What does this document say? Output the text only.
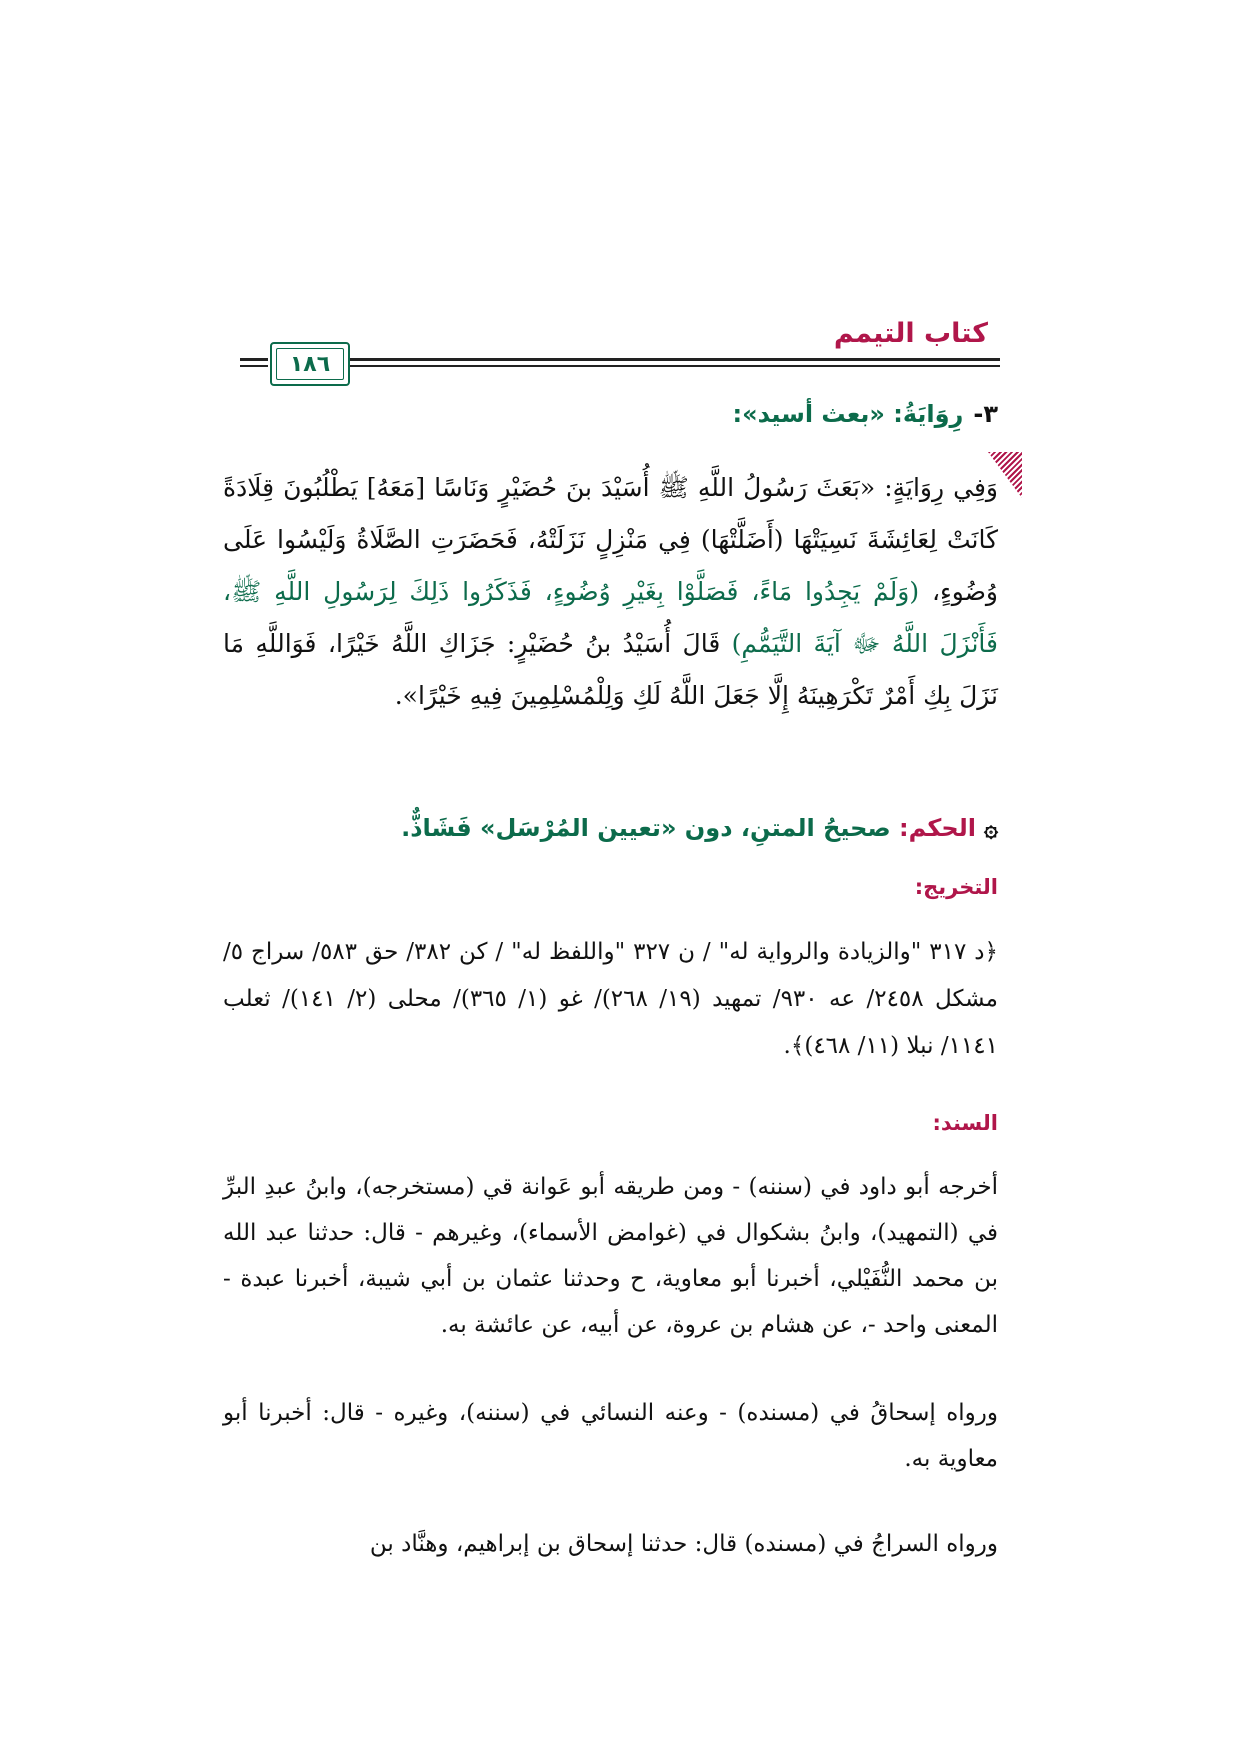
كتاب التيمم
١٨٦
٣-رِوَايَةُ: «بعث أسيد»:
وَفِي رِوَايَةٍ: «بَعَثَ رَسُولُ اللَّهِ ﷺ أُسَيْدَ بنَ حُضَيْرٍ وَنَاسًا [مَعَهُ] يَطْلُبُونَ قِلَادَةً كَانَتْ لِعَائِشَةَ نَسِيَتْهَا (أَضَلَّتْهَا) فِي مَنْزِلٍ نَزَلَتْهُ، فَحَضَرَتِ الصَّلَاةُ وَلَيْسُوا عَلَى وُضُوءٍ، (وَلَمْ يَجِدُوا مَاءً، فَصَلَّوْا بِغَيْرِ وُضُوءٍ، فَذَكَرُوا ذَلِكَ لِرَسُولِ اللَّهِ ﷺ، فَأَنْزَلَ اللَّهُ ﷻ آيَةَ التَّيَمُّمِ) قَالَ أُسَيْدُ بنُ حُضَيْرٍ: جَزَاكِ اللَّهُ خَيْرًا، فَوَاللَّهِ مَا نَزَلَ بِكِ أَمْرٌ تَكْرَهِينَهُ إِلَّا جَعَلَ اللَّهُ لَكِ وَلِلْمُسْلِمِينَ فِيهِ خَيْرًا».
۞الحكم: صحيحُ المتنِ، دون «تعيين المُرْسَل» فَشَاذٌّ.
التخريج:
﴿د ٣١٧ "والزيادة والرواية له" / ن ٣٢٧ "واللفظ له" / كن ٣٨٢/ حق ٥٨٣/ سراج ٥/ مشكل ٢٤٥٨/ عه ٩٣٠/ تمهيد (١٩/ ٢٦٨)/ غو (١/ ٣٦٥)/ محلى (٢/ ١٤١)/ ثعلب ١١٤١/ نبلا (١١/ ٤٦٨)﴾.
السند:
أخرجه أبو داود في (سننه) - ومن طريقه أبو عَوانة قي (مستخرجه)، وابنُ عبدِ البرِّ في (التمهيد)، وابنُ بشكوال في (غوامض الأسماء)، وغيرهم - قال: حدثنا عبد الله بن محمد النُّفَيْلي، أخبرنا أبو معاوية، ح وحدثنا عثمان بن أبي شيبة، أخبرنا عبدة - المعنى واحد -، عن هشام بن عروة، عن أبيه، عن عائشة به.
ورواه إسحاقُ في (مسنده) - وعنه النسائي في (سننه)، وغيره - قال: أخبرنا أبو معاوية به.
ورواه السراجُ في (مسنده) قال: حدثنا إسحاق بن إبراهيم، وهنَّاد بن
